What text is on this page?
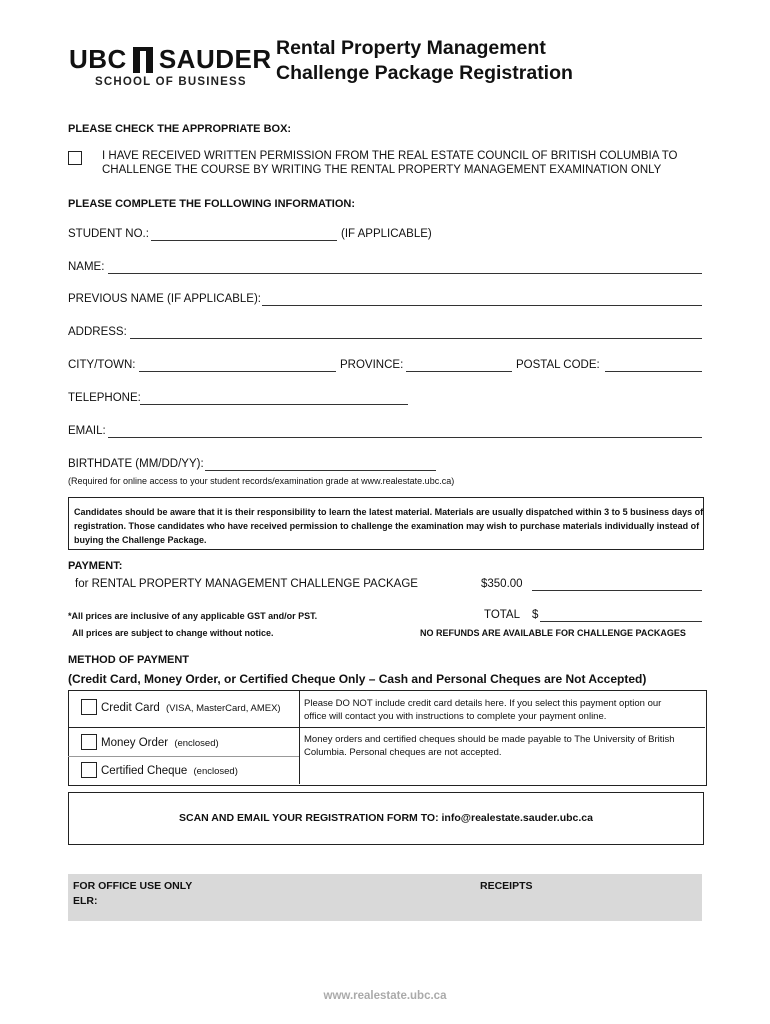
UBC SAUDER
SCHOOL OF BUSINESS
Rental Property Management
Challenge Package Registration
PLEASE CHECK THE APPROPRIATE BOX:
I HAVE RECEIVED WRITTEN PERMISSION FROM THE REAL ESTATE COUNCIL OF BRITISH COLUMBIA TO
CHALLENGE THE COURSE BY WRITING THE RENTAL PROPERTY MANAGEMENT EXAMINATION ONLY
PLEASE COMPLETE THE FOLLOWING INFORMATION:
STUDENT NO.:	(IF APPLICABLE)
NAME:
PREVIOUS NAME (IF APPLICABLE):
ADDRESS:
CITY/TOWN:	PROVINCE:	POSTAL CODE:
TELEPHONE:
EMAIL:
BIRTHDATE (MM/DD/YY):
(Required for online access to your student records/examination grade at www.realestate.ubc.ca)
Candidates should be aware that it is their responsibility to learn the latest material. Materials are usually dispatched within 3 to 5 business days of
registration. Those candidates who have received permission to challenge the examination may wish to purchase materials individually instead of
buying the Challenge Package.
PAYMENT:
for RENTAL PROPERTY MANAGEMENT CHALLENGE PACKAGE	$350.00
*All prices are inclusive of any applicable GST and/or PST.	TOTAL $
All prices are subject to change without notice.	NO REFUNDS ARE AVAILABLE FOR CHALLENGE PACKAGES
METHOD OF PAYMENT
(Credit Card, Money Order, or Certified Cheque Only – Cash and Personal Cheques are Not Accepted)
Credit Card (VISA, MasterCard, AMEX) Please DO NOT include credit card details here. If you select this payment option our
office will contact you with instructions to complete your payment online.
Money Order (enclosed)	Money orders and certified cheques should be made payable to The University of British
Columbia. Personal cheques are not accepted.
Certified Cheque (enclosed)
SCAN AND EMAIL YOUR REGISTRATION FORM TO: info@realestate.sauder.ubc.ca
FOR OFFICE USE ONLY
ELR:
RECEIPTS
www.realestate.ubc.ca
